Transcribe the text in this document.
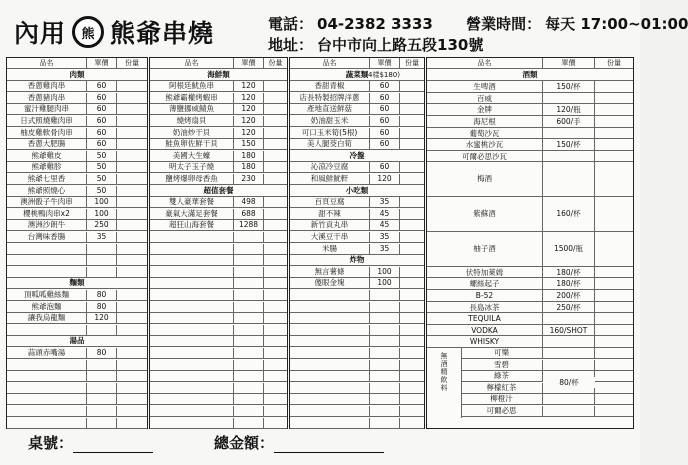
內用 熊 熊爺串燒	電話： 04-2382 3333 營業時間： 每天 17:00~01:00
地址： 台中市向上路五段130號
品名	單價	份量
肉類
香蔥雞肉串	60
香蔥豬肉串	60
蜜汁雞腿肉串	60
日式照燒雞肉串	60
柚皮雞軟骨肉串	60
香蔥大肥腸	60
熊爺雞皮	50
熊爺雞胗	50
熊爺七里香	50
熊爺照燒心	50
澳洲骰子牛肉串	100
櫻桃鴨肉串x2	100
澳洲沙朗牛	250
台灣味香腸	35
麵類
頂呱呱雞絲麵	80
熊爺泡麵	80
讓我烏龍麵	120
湯品
蒜頭赤嘴湯	80
品名	單價	份量
海鮮類
阿根廷魷魚串	120
熊爺霸權烤蝦串	120
薄鹽挪威鯖魚	120
燒烤扇貝	120
奶油炒干貝	120
鮭魚卵佐鮮干貝	150
美國大生蠔	180
明太子玉子燒	180
鹽烤爆卵母香魚	230
超值套餐
雙人豪華套餐	498
豪氣大滿足套餐	688
超狂山海套餐	1288
品名	單價	份量
蔬菜類
(4樣$180)
香甜青椒	60
店長特製招牌洋蔥	60
產地直送鮮菇	60
奶油甜玉米	60
可口玉米筍(5根)	60
美人腿茭白筍	60
冷盤
沁涼冷豆腐	60
和風鮮魷軒	120
小吃類
百頁豆腐	35
甜不辣	45
新竹貢丸串	45
大溪豆干串	35
米腸	35
炸物
無言薯條	100
傻眼金塊	100
品名	單價	份量
酒類
生啤酒	150/杯
百威
金牌	120/瓶
海尼根	600/手
葡萄沙瓦
水蜜桃沙瓦	150/杯
可爾必思沙瓦
梅酒
紫蘇酒	160/杯
柚子酒	1500/瓶
伏特加萊姆	180/杯
螺絲起子	180/杯
B-52	200/杯
長島冰茶	250/杯
TEQUILA
VODKA	160/SHOT
WHISKY
無酒精飲料	可樂
雪碧
綠茶
檸檬紅茶
柳橙汁
可爾必思
80/杯
桌號：	總金額：
